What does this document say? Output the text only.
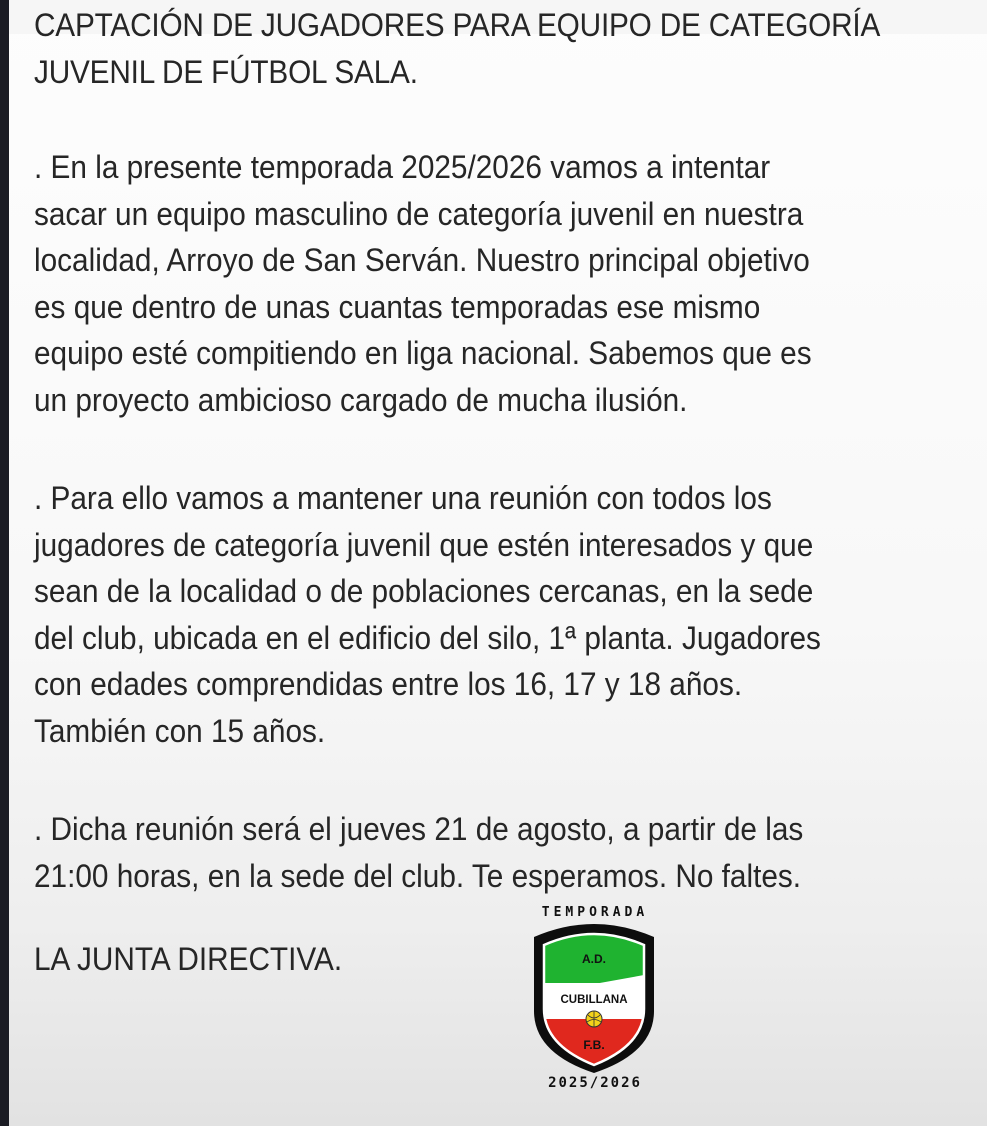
CAPTACIÓN DE JUGADORES PARA EQUIPO DE CATEGORÍA
JUVENIL DE FÚTBOL SALA.

. En la presente temporada 2025/2026 vamos a intentar
sacar un equipo masculino de categoría juvenil en nuestra
localidad, Arroyo de San Serván. Nuestro principal objetivo
es que dentro de unas cuantas temporadas ese mismo
equipo esté compitiendo en liga nacional. Sabemos que es
un proyecto ambicioso cargado de mucha ilusión.

. Para ello vamos a mantener una reunión con todos los
jugadores de categoría juvenil que estén interesados y que
sean de la localidad o de poblaciones cercanas, en la sede
del club, ubicada en el edificio del silo, 1ª planta. Jugadores
con edades comprendidas entre los 16, 17 y 18 años.
También con 15 años.

. Dicha reunión será el jueves 21 de agosto, a partir de las
21:00 horas, en la sede del club. Te esperamos. No faltes.

LA JUNTA DIRECTIVA.
TEMPORADA
A.D.
CUBILLANA
F.B.
2025/2026
